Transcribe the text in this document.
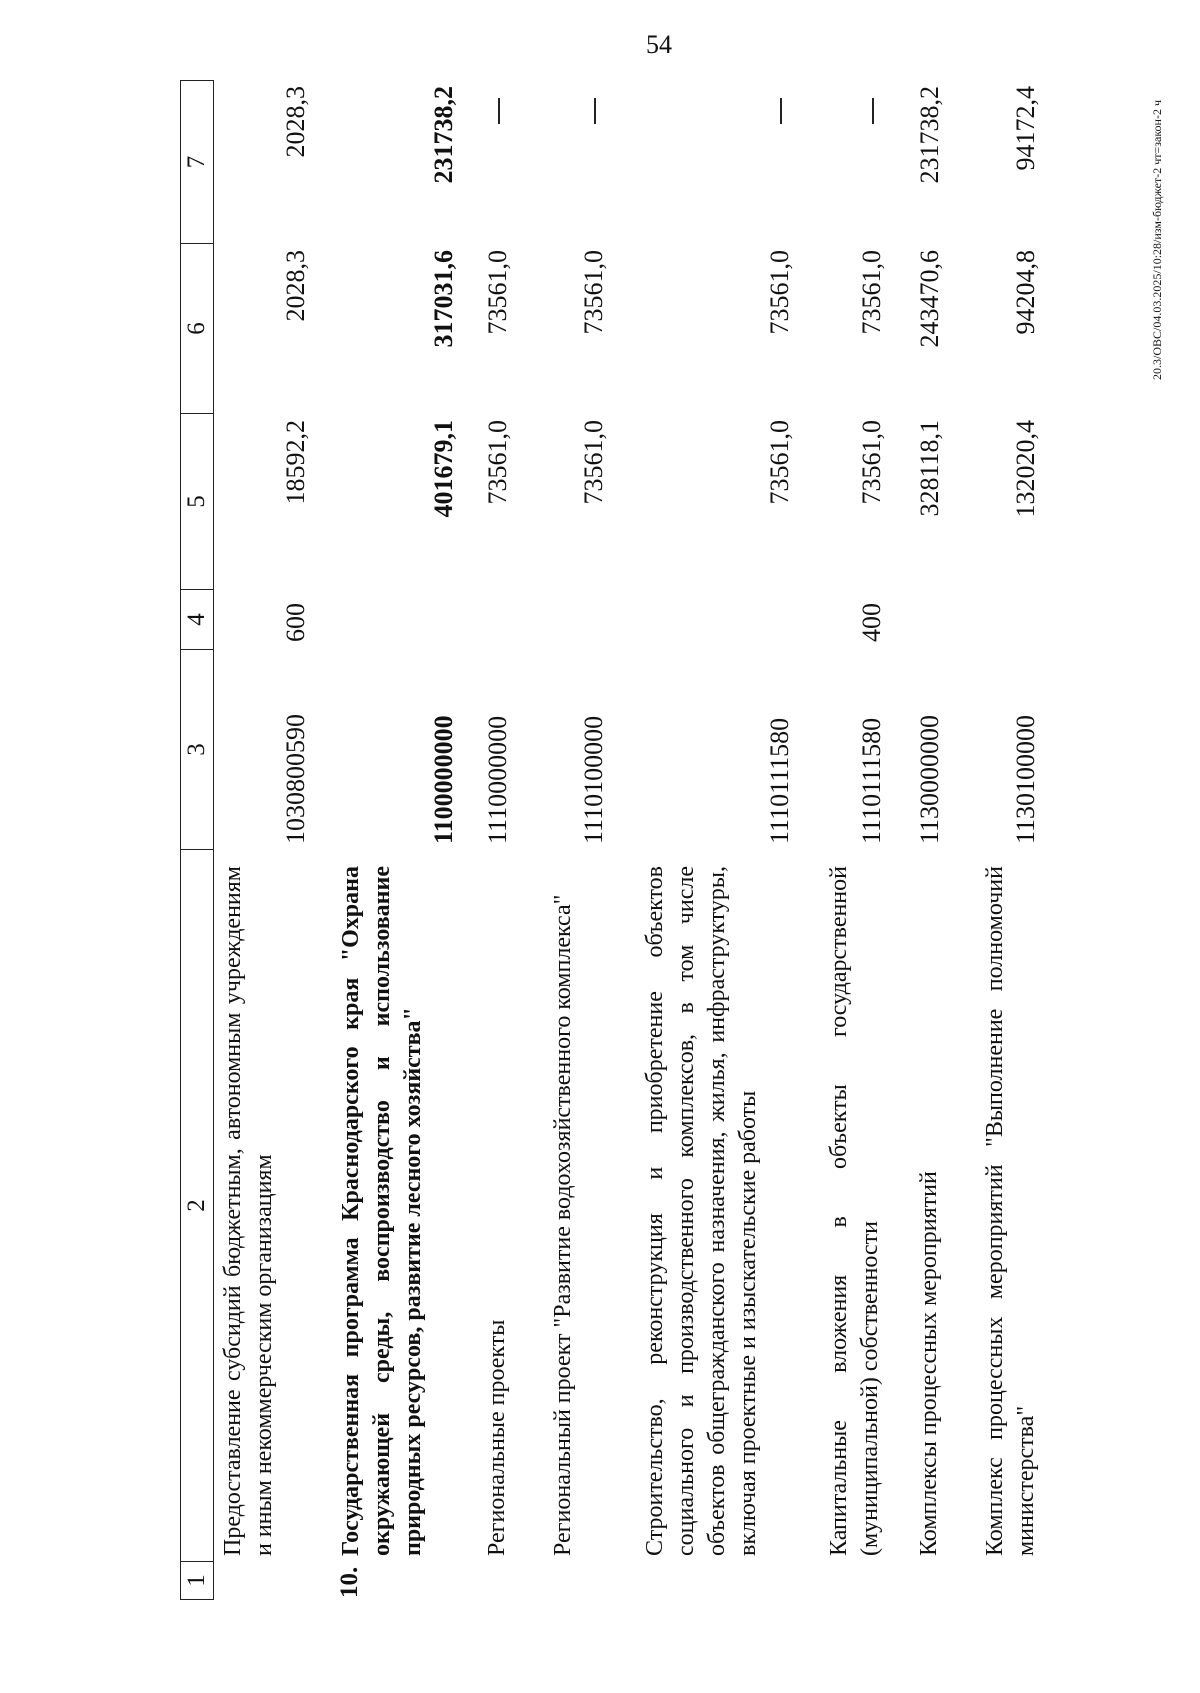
54
1
2
3
4
5
6
7
Предоставление субсидий бюджетным, автономным учреждениям и иным некоммерческим организациям
1030800590
600
18592,2
2028,3
2028,3
10.
Государственная программа Краснодарского края "Охрана окружающей среды, воспроизводство и использование природных ресурсов, развитие лесного хозяйства"
1100000000
401679,1
317031,6
231738,2
Региональные проекты
1110000000
73561,0
73561,0
Региональный проект "Развитие водохозяйственного комплекса"
1110100000
73561,0
73561,0
Строительство, реконструкция и приобретение объектов социального и производственного комплексов, в том числе объектов общегражданского назначения, жилья, инфраструктуры, включая проектные и изыскательские работы
1110111580
73561,0
73561,0
Капитальные вложения в объекты государственной (муниципальной) собственности
1110111580
400
73561,0
73561,0
Комплексы процессных мероприятий
1130000000
328118,1
243470,6
231738,2
Комплекс процессных мероприятий "Выполнение полномочий министерства"
1130100000
132020,4
94204,8
94172,4	20.3/ОВС/04.03.2025/10:28/изм-бюджет-2 чт=закон-2 ч
